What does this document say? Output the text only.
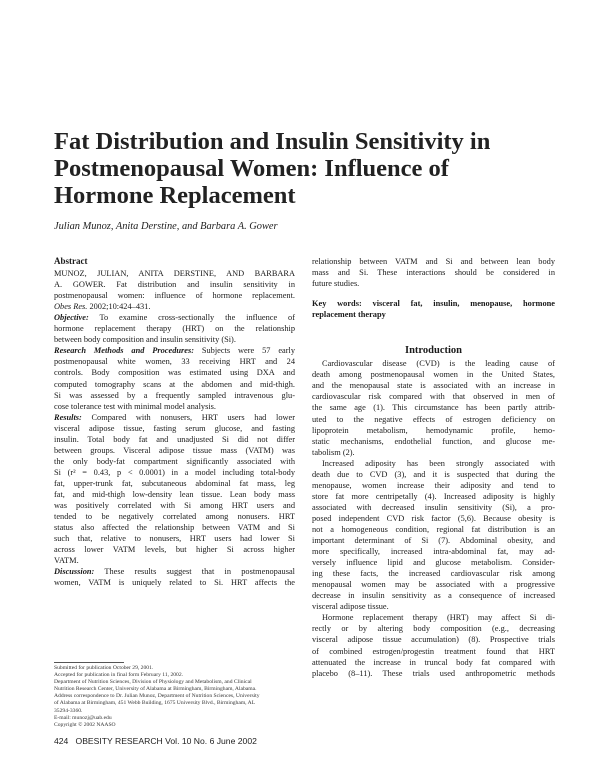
Fat Distribution and Insulin Sensitivity in
Postmenopausal Women: Influence of
Hormone Replacement
Julian Munoz, Anita Derstine, and Barbara A. Gower

Abstract

MUNOZ, JULIAN, ANITA DERSTINE, AND BARBARA
A. GOWER. Fat distribution and insulin sensitivity in
postmenopausal women: influence of hormone replacement.
Obes Res. 2002;10:424–431.

Objective: To examine cross-sectionally the influence of
hormone replacement therapy (HRT) on the relationship
between body composition and insulin sensitivity (Si).

Research Methods and Procedures: Subjects were 57 early
postmenopausal white women, 33 receiving HRT and 24
controls. Body composition was estimated using DXA and
computed tomography scans at the abdomen and mid-thigh.
Si was assessed by a frequently sampled intravenous glu-
cose tolerance test with minimal model analysis.

Results: Compared with nonusers, HRT users had lower
visceral adipose tissue, fasting serum glucose, and fasting
insulin. Total body fat and unadjusted Si did not differ
between groups. Visceral adipose tissue mass (VATM) was
the only body-fat compartment significantly associated with
Si (r² = 0.43, p < 0.0001) in a model including total-body
fat, upper-trunk fat, subcutaneous abdominal fat mass, leg
fat, and mid-thigh low-density lean tissue. Lean body mass
was positively correlated with Si among HRT users and
tended to be negatively correlated among nonusers. HRT
status also affected the relationship between VATM and Si
such that, relative to nonusers, HRT users had lower Si
across lower VATM levels, but higher Si across higher
VATM.

Discussion: These results suggest that in postmenopausal
women, VATM is uniquely related to Si. HRT affects the

relationship between VATM and Si and between lean body
mass and Si. These interactions should be considered in
future studies.

Key words: visceral fat, insulin, menopause, hormone
replacement therapy

Introduction

Cardiovascular disease (CVD) is the leading cause of
death among postmenopausal women in the United States,
and the menopausal state is associated with an increase in
cardiovascular risk compared with that observed in men of
the same age (1). This circumstance has been partly attrib-
uted to the negative effects of estrogen deficiency on
lipoprotein metabolism, hemodynamic profile, hemo-
static mechanisms, endothelial function, and glucose me-
tabolism (2).

Increased adiposity has been strongly associated with
death due to CVD (3), and it is suspected that during the
menopause, women increase their adiposity and tend to
store fat more centripetally (4). Increased adiposity is highly
associated with decreased insulin sensitivity (Si), a pro-
posed independent CVD risk factor (5,6). Because obesity is
not a homogeneous condition, regional fat distribution is an
important determinant of Si (7). Abdominal obesity, and
more specifically, increased intra-abdominal fat, may ad-
versely influence lipid and glucose metabolism. Consider-
ing these facts, the increased cardiovascular risk among
menopausal women may be associated with a progressive
decrease in insulin sensitivity as a consequence of increased
visceral adipose tissue.

Hormone replacement therapy (HRT) may affect Si di-
rectly or by altering body composition (e.g., decreasing
visceral adipose tissue accumulation) (8). Prospective trials
of combined estrogen/progestin treatment found that HRT
attenuated the increase in truncal body fat compared with
placebo (8–11). These trials used anthropometric methods

Submitted for publication October 29, 2001.
Accepted for publication in final form February 11, 2002.
Department of Nutrition Sciences, Division of Physiology and Metabolism, and Clinical
Nutrition Research Center, University of Alabama at Birmingham, Birmingham, Alabama.
Address correspondence to Dr. Julian Munoz, Department of Nutrition Sciences, University
of Alabama at Birmingham, 451 Webb Building, 1675 University Blvd., Birmingham, AL
35294-3360.
E-mail: munozj@uab.edu
Copyright © 2002 NAASO
424 OBESITY RESEARCH Vol. 10 No. 6 June 2002
